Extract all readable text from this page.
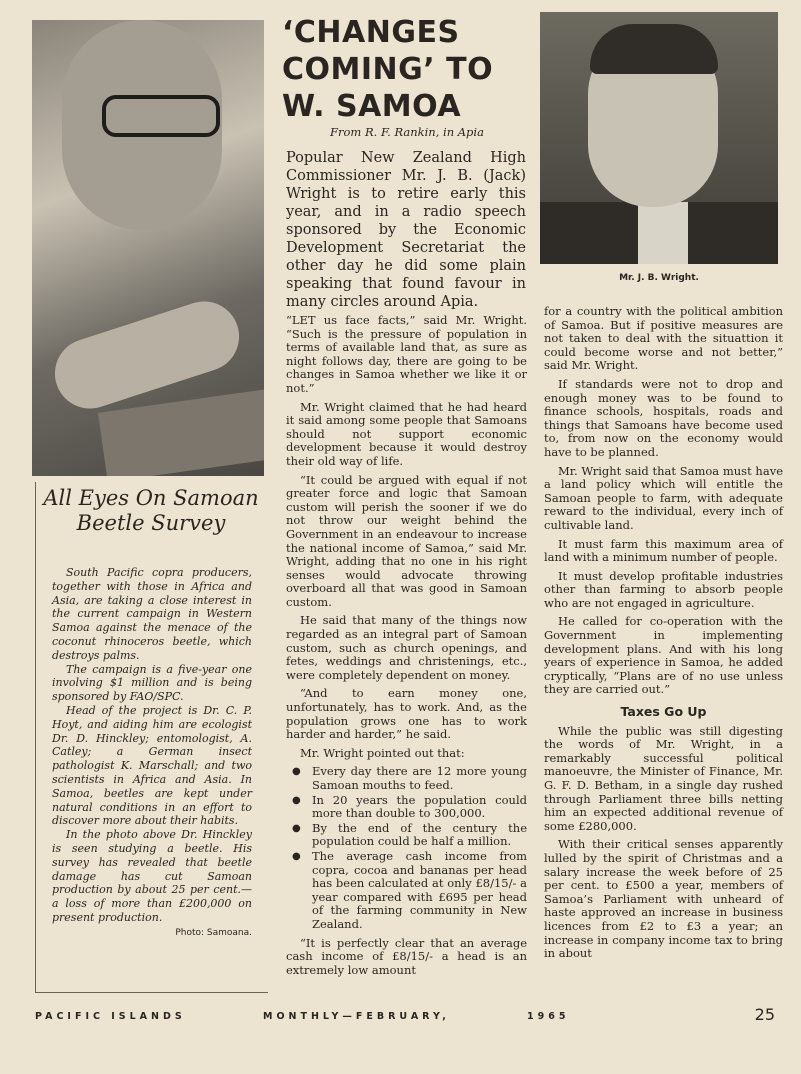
Mr. J. B. Wright.
‘CHANGES COMING’ TO W. SAMOA
From R. F. Rankin, in Apia
Popular New Zealand High Commissioner Mr. J. B. (Jack) Wright is to retire early this year, and in a radio speech sponsored by the Economic Development Secretariat the other day he did some plain speaking that found favour in many circles around Apia.

“LET us face facts,” said Mr. Wright. “Such is the pressure of population in terms of available land that, as sure as night follows day, there are going to be changes in Samoa whether we like it or not.”

Mr. Wright claimed that he had heard it said among some people that Samoans should not support economic development because it would destroy their old way of life.

“It could be argued with equal if not greater force and logic that Samoan custom will perish the sooner if we do not throw our weight behind the Government in an endeavour to increase the national income of Samoa,” said Mr. Wright, adding that no one in his right senses would advocate throwing overboard all that was good in Samoan custom.

He said that many of the things now regarded as an integral part of Samoan custom, such as church openings, and fetes, weddings and christenings, etc., were completely dependent on money.

“And to earn money one, unfortunately, has to work. And, as the population grows one has to work harder and harder,” he said.

Mr. Wright pointed out that:

● Every day there are 12 more young Samoan mouths to feed.
● In 20 years the population could more than double to 300,000.
● By the end of the century the population could be half a million.
● The average cash income from copra, cocoa and bananas per head has been calculated at only £8/15/- a year compared with £695 per head of the farming community in New Zealand.

“It is perfectly clear that an average cash income of £8/15/- a head is an extremely low amount

for a country with the political ambition of Samoa. But if positive measures are not taken to deal with the situattion it could become worse and not better,” said Mr. Wright.

If standards were not to drop and enough money was to be found to finance schools, hospitals, roads and things that Samoans have become used to, from now on the economy would have to be planned.

Mr. Wright said that Samoa must have a land policy which will entitle the Samoan people to farm, with adequate reward to the individual, every inch of cultivable land.

It must farm this maximum area of land with a minimum number of people.

It must develop profitable industries other than farming to absorb people who are not engaged in agriculture.

He called for co-operation with the Government in implementing development plans. And with his long years of experience in Samoa, he added cryptically, “Plans are of no use unless they are carried out.”

Taxes Go Up

While the public was still digesting the words of Mr. Wright, in a remarkably successful political manoeuvre, the Minister of Finance, Mr. G. F. D. Betham, in a single day rushed through Parliament three bills netting him an expected additional revenue of some £280,000.

With their critical senses apparently lulled by the spirit of Christmas and a salary increase the week before of 25 per cent. to £500 a year, members of Samoa’s Parliament with unheard of haste approved an increase in business licences from £2 to £3 a year; an increase in company income tax to bring in about

All Eyes On Samoan Beetle Survey

South Pacific copra producers, together with those in Africa and Asia, are taking a close interest in the current campaign in Western Samoa against the menace of the coconut rhinoceros beetle, which destroys palms.

The campaign is a five-year one involving $1 million and is being sponsored by FAO/SPC.

Head of the project is Dr. C. P. Hoyt, and aiding him are ecologist Dr. D. Hinckley; entomologist, A. Catley; a German insect pathologist K. Marschall; and two scientists in Africa and Asia. In Samoa, beetles are kept under natural conditions in an effort to discover more about their habits.

In the photo above Dr. Hinckley is seen studying a beetle. His survey has revealed that beetle damage has cut Samoan production by about 25 per cent.—a loss of more than £200,000 on present production.

Photo: Samoana.
PACIFIC ISLANDS	MONTHLY—FEBRUARY,	1965	25
